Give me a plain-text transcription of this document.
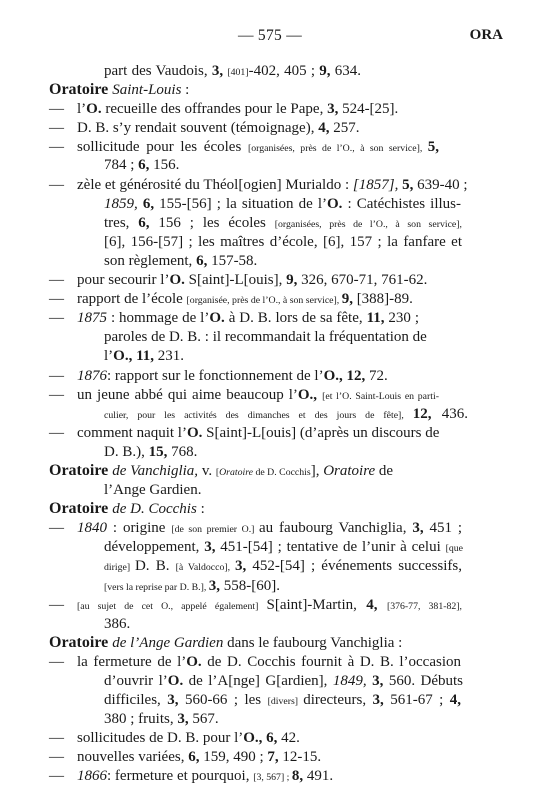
— 575 —	ORA
part des Vaudois, 3, [401]-402, 405 ; 9, 634.
Oratoire Saint-Louis :
— l’O. recueille des offrandes pour le Pape, 3, 524-[25].
— D. B. s’y rendait souvent (témoignage), 4, 257.
— sollicitude pour les écoles [organisées, près de l’O., à son service], 5,
784 ; 6, 156.
— zèle et générosité du Théol[ogien] Murialdo : [1857], 5, 639-40 ;
1859, 6, 155-[56] ; la situation de l’O. : Catéchistes illus-
tres, 6, 156 ; les écoles [organisées, près de l’O., à son service],
[6], 156-[57] ; les maîtres d’école, [6], 157 ; la fanfare et
son règlement, 6, 157-58.
— pour secourir l’O. S[aint]-L[ouis], 9, 326, 670-71, 761-62.
— rapport de l’école [organisée, près de l’O., à son service], 9, [388]-89.
— 1875 : hommage de l’O. à D. B. lors de sa fête, 11, 230 ;
paroles de D. B. : il recommandait la fréquentation de
l’O., 11, 231.
— 1876: rapport sur le fonctionnement de l’O., 12, 72.
— un jeune abbé qui aime beaucoup l’O., [et l’O. Saint-Louis en parti-
culier, pour les activités des dimanches et des jours de fête], 12, 436.
— comment naquit l’O. S[aint]-L[ouis] (d’après un discours de
D. B.), 15, 768.
Oratoire de Vanchiglia, v. [Oratoire de D. Cocchis], Oratoire de
l’Ange Gardien.
Oratoire de D. Cocchis :
— 1840 : origine [de son premier O.] au faubourg Vanchiglia, 3, 451 ;
développement, 3, 451-[54] ; tentative de l’unir à celui [que
dirige] D. B. [à Valdocco], 3, 452-[54] ; événements successifs,
[vers la reprise par D. B.], 3, 558-[60].
— [au sujet de cet O., appelé également] S[aint]-Martin, 4, [376-77, 381-82],
386.
Oratoire de l’Ange Gardien dans le faubourg Vanchiglia :
— la fermeture de l’O. de D. Cocchis fournit à D. B. l’occasion
d’ouvrir l’O. de l’A[nge] G[ardien], 1849, 3, 560. Débuts
difficiles, 3, 560-66 ; les [divers] directeurs, 3, 561-67 ; 4,
380 ; fruits, 3, 567.
— sollicitudes de D. B. pour l’O., 6, 42.
— nouvelles variées, 6, 159, 490 ; 7, 12-15.
— 1866: fermeture et pourquoi, [3, 567] ; 8, 491.
